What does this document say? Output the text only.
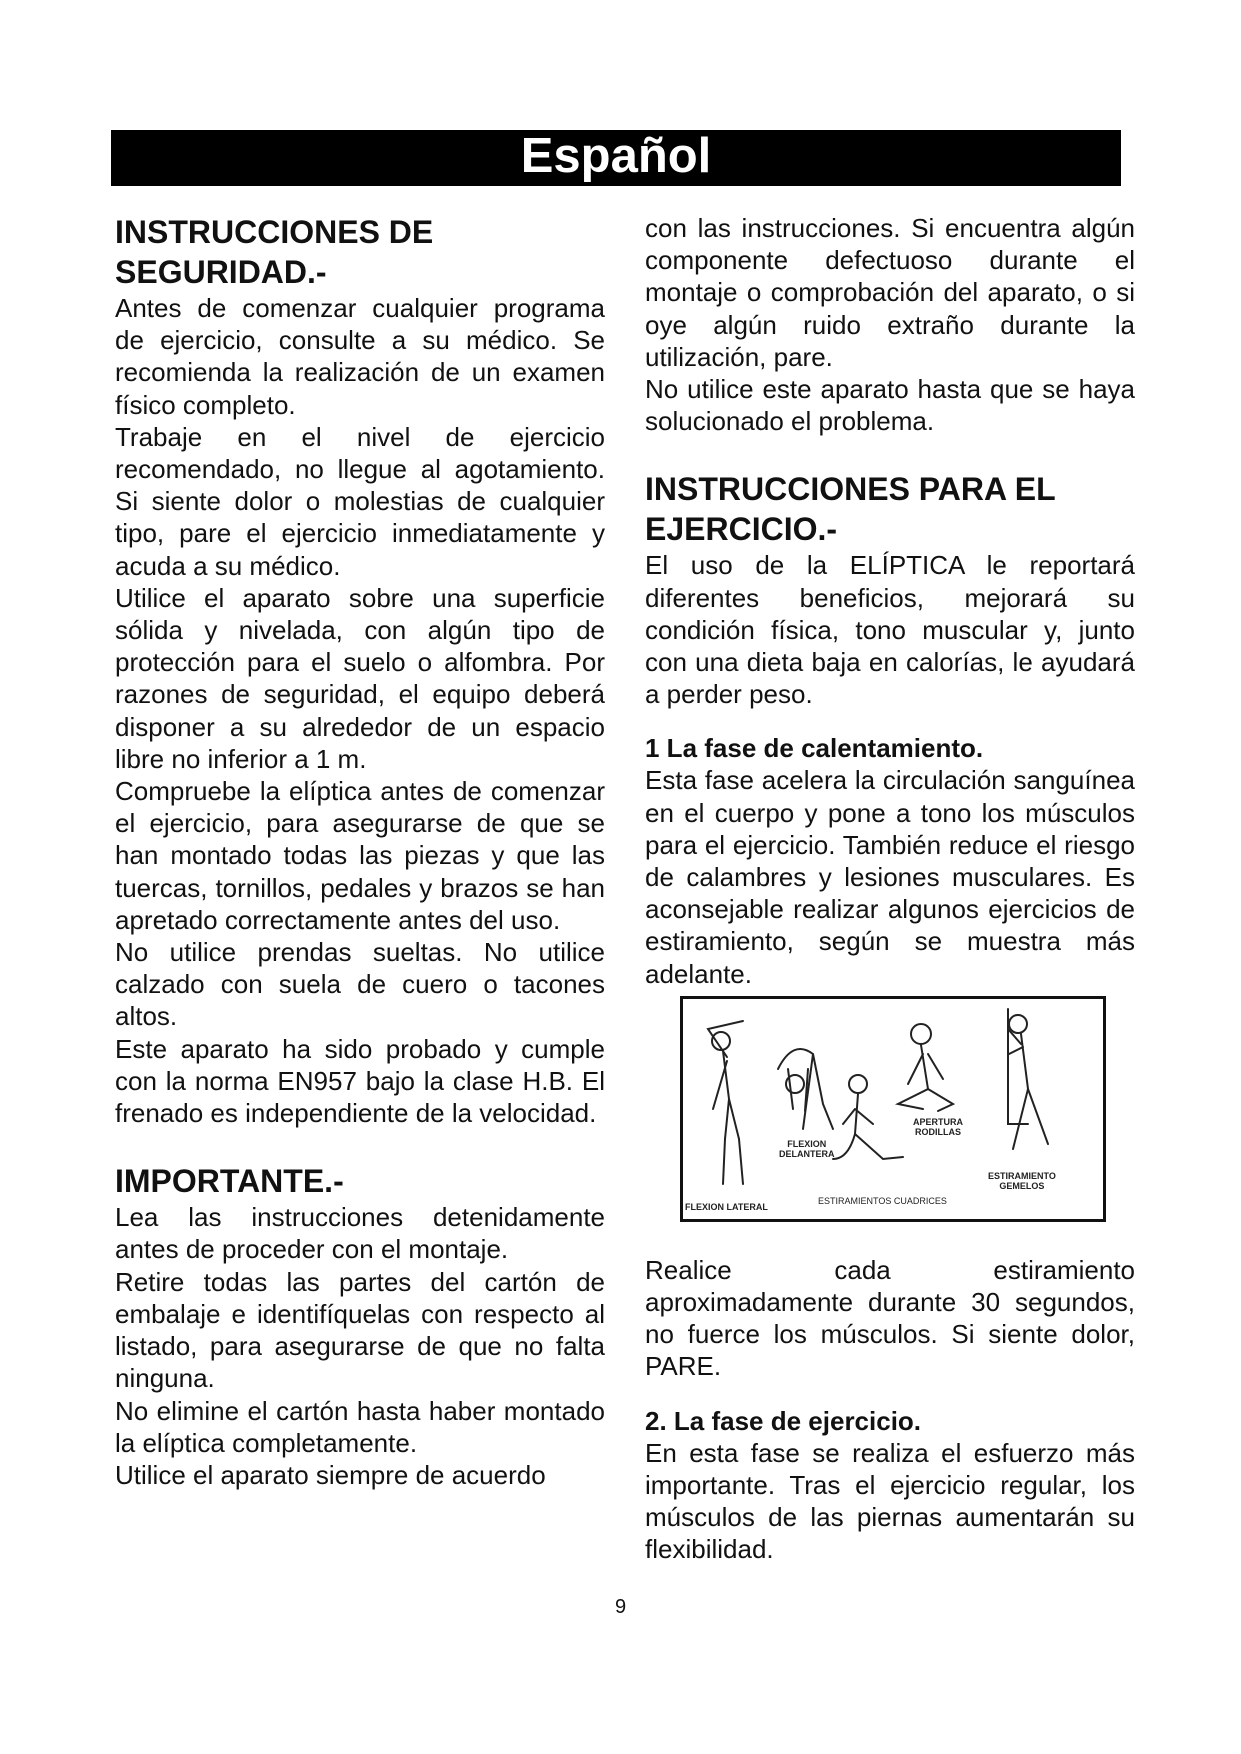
Español
INSTRUCCIONES DE SEGURIDAD.-

Antes de comenzar cualquier programa de ejercicio, consulte a su médico. Se recomienda la realización de un examen físico completo.

Trabaje en el nivel de ejercicio recomendado, no llegue al agotamiento. Si siente dolor o molestias de cualquier tipo, pare el ejercicio inmediatamente y acuda a su médico.

Utilice el aparato sobre una superficie sólida y nivelada, con algún tipo de protección para el suelo o alfombra. Por razones de seguridad, el equipo deberá disponer a su alrededor de un espacio libre no inferior a 1 m.

Compruebe la elíptica antes de comenzar el ejercicio, para asegurarse de que se han montado todas las piezas y que las tuercas, tornillos, pedales y brazos se han apretado correctamente antes del uso.

No utilice prendas sueltas. No utilice calzado con suela de cuero o tacones altos.

Este aparato ha sido probado y cumple con la norma EN957 bajo la clase H.B. El frenado es independiente de la velocidad.

IMPORTANTE.-

Lea las instrucciones detenidamente antes de proceder con el montaje.

Retire todas las partes del cartón de embalaje e identifíquelas con respecto al listado, para asegurarse de que no falta ninguna.

No elimine el cartón hasta haber montado la elíptica completamente.

Utilice el aparato siempre de acuerdo

con las instrucciones. Si encuentra algún componente defectuoso durante el montaje o comprobación del aparato, o si oye algún ruido extraño durante la utilización, pare.

No utilice este aparato hasta que se haya solucionado el problema.

INSTRUCCIONES PARA EL EJERCICIO.-

El uso de la ELÍPTICA le reportará diferentes beneficios, mejorará su condición física, tono muscular y, junto con una dieta baja en calorías, le ayudará a perder peso.

1 La fase de calentamiento.

Esta fase acelera la circulación sanguínea en el cuerpo y pone a tono los músculos para el ejercicio. También reduce el riesgo de calambres y lesiones musculares. Es aconsejable realizar algunos ejercicios de estiramiento, según se muestra más adelante.

FLEXION LATERAL
FLEXION
DELANTERA
ESTIRAMIENTOS CUADRICES
APERTURA
RODILLAS
ESTIRAMIENTO
GEMELOS

Realice cada estiramiento aproximadamente durante 30 segundos, no fuerce los músculos. Si siente dolor, PARE.

2. La fase de ejercicio.

En esta fase se realiza el esfuerzo más importante. Tras el ejercicio regular, los músculos de las piernas aumentarán su flexibilidad.

9
